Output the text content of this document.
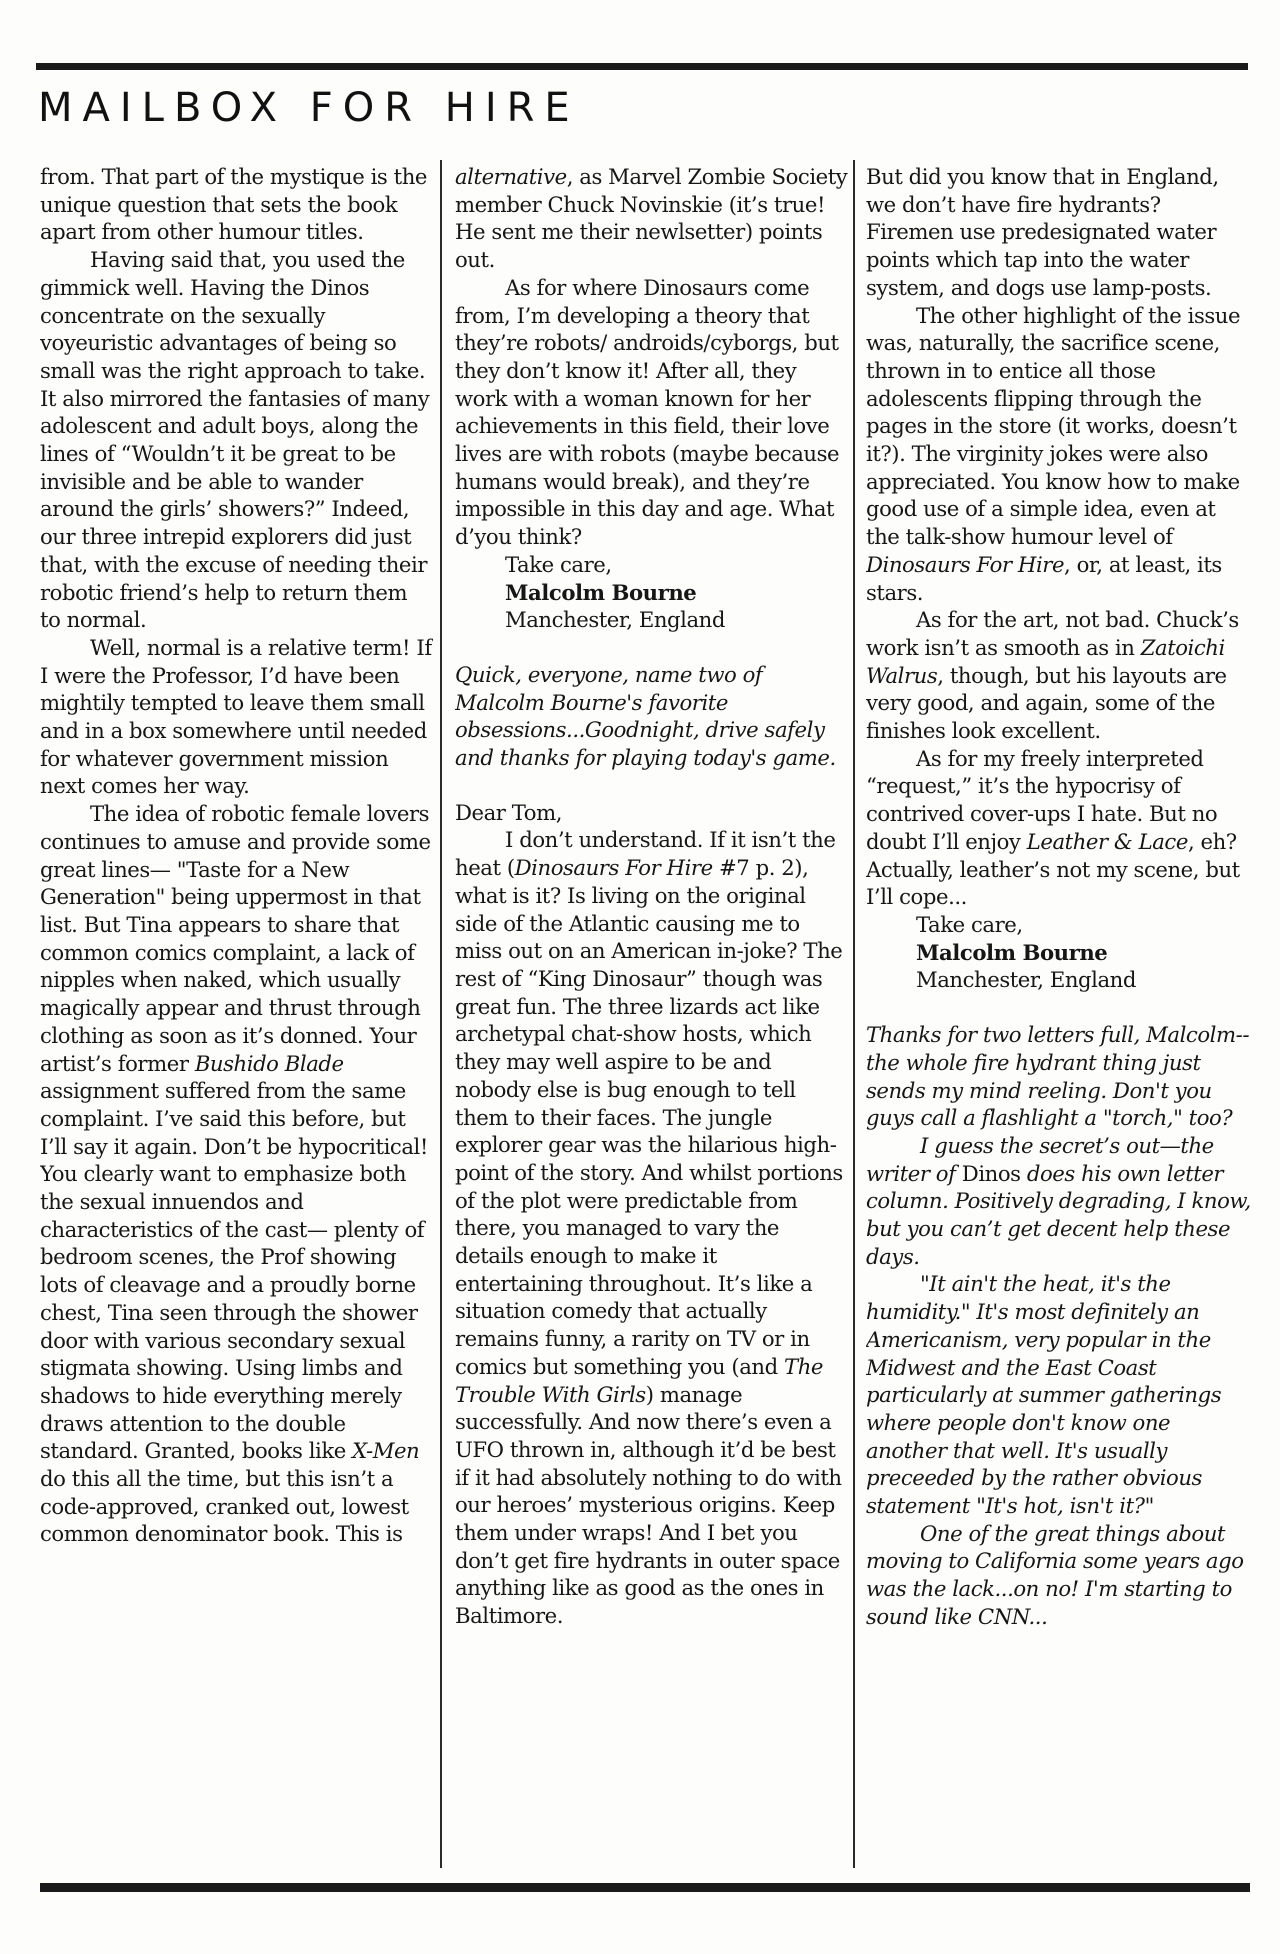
MAILBOX FOR HIRE

from. That part of the mystique is the unique question that sets the book apart from other humour titles.

Having said that, you used the gimmick well. Having the Dinos concentrate on the sexually voyeuristic advantages of being so small was the right approach to take. It also mirrored the fantasies of many adolescent and adult boys, along the lines of “Wouldn’t it be great to be invisible and be able to wander around the girls’ showers?” Indeed, our three intrepid explorers did just that, with the excuse of needing their robotic friend’s help to return them to normal.

Well, normal is a relative term! If I were the Professor, I’d have been mightily tempted to leave them small and in a box somewhere until needed for whatever government mission next comes her way.

The idea of robotic female lovers continues to amuse and provide some great lines— "Taste for a New Generation" being uppermost in that list. But Tina appears to share that common comics complaint, a lack of nipples when naked, which usually magically appear and thrust through clothing as soon as it’s donned. Your artist’s former Bushido Blade assignment suffered from the same complaint. I’ve said this before, but I’ll say it again. Don’t be hypocritical! You clearly want to emphasize both the sexual innuendos and characteristics of the cast— plenty of bedroom scenes, the Prof showing lots of cleavage and a proudly borne chest, Tina seen through the shower door with various secondary sexual stigmata showing. Using limbs and shadows to hide everything merely draws attention to the double standard. Granted, books like X-Men do this all the time, but this isn’t a code-approved, cranked out, lowest common denominator book. This is

alternative, as Marvel Zombie Society member Chuck Novinskie (it’s true! He sent me their newlsetter) points out.

As for where Dinosaurs come from, I’m developing a theory that they’re robots/ androids/cyborgs, but they don’t know it! After all, they work with a woman known for her achievements in this field, their love lives are with robots (maybe because humans would break), and they’re impossible in this day and age. What d’you think?

Take care,

Malcolm Bourne

Manchester, England

Quick, everyone, name two of Malcolm Bourne's favorite obsessions...Goodnight, drive safely and thanks for playing today's game.

Dear Tom,

I don’t understand. If it isn’t the heat (Dinosaurs For Hire #7 p. 2), what is it? Is living on the original side of the Atlantic causing me to miss out on an American in-joke? The rest of “King Dinosaur” though was great fun. The three lizards act like archetypal chat-show hosts, which they may well aspire to be and nobody else is bug enough to tell them to their faces. The jungle explorer gear was the hilarious high-point of the story. And whilst portions of the plot were predictable from there, you managed to vary the details enough to make it entertaining throughout. It’s like a situation comedy that actually remains funny, a rarity on TV or in comics but something you (and The Trouble With Girls) manage successfully. And now there’s even a UFO thrown in, although it’d be best if it had absolutely nothing to do with our heroes’ mysterious origins. Keep them under wraps! And I bet you don’t get fire hydrants in outer space anything like as good as the ones in Baltimore.

But did you know that in England, we don’t have fire hydrants? Firemen use predesignated water points which tap into the water system, and dogs use lamp-posts.

The other highlight of the issue was, naturally, the sacrifice scene, thrown in to entice all those adolescents flipping through the pages in the store (it works, doesn’t it?). The virginity jokes were also appreciated. You know how to make good use of a simple idea, even at the talk-show humour level of Dinosaurs For Hire, or, at least, its stars.

As for the art, not bad. Chuck’s work isn’t as smooth as in Zatoichi Walrus, though, but his layouts are very good, and again, some of the finishes look excellent.

As for my freely interpreted “request,” it’s the hypocrisy of contrived cover-ups I hate. But no doubt I’ll enjoy Leather & Lace, eh? Actually, leather’s not my scene, but I’ll cope...

Take care,

Malcolm Bourne

Manchester, England

Thanks for two letters full, Malcolm--the whole fire hydrant thing just sends my mind reeling. Don't you guys call a flashlight a "torch," too?

I guess the secret’s out—the writer of Dinos does his own letter column. Positively degrading, I know, but you can’t get decent help these days.

"It ain't the heat, it's the humidity." It's most definitely an Americanism, very popular in the Midwest and the East Coast particularly at summer gatherings where people don't know one another that well. It's usually preceeded by the rather obvious statement "It's hot, isn't it?"

One of the great things about moving to California some years ago was the lack...on no! I'm starting to sound like CNN...
